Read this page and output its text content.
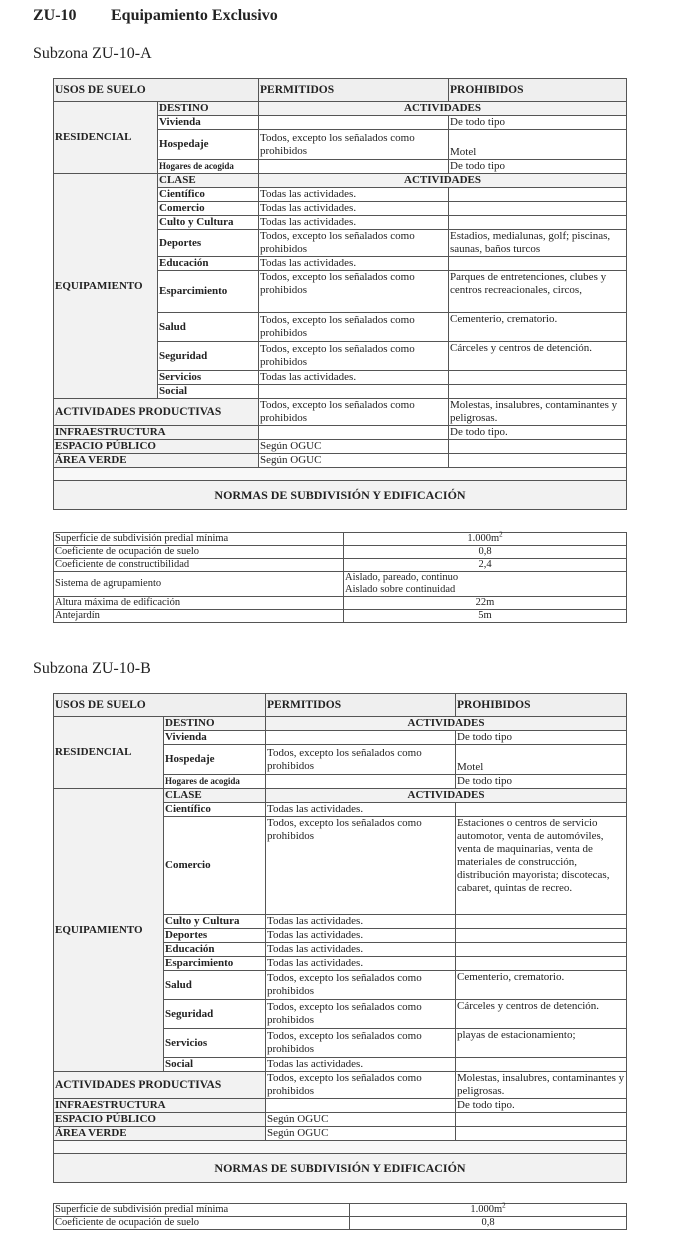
ZU-10 Equipamiento Exclusivo
Subzona ZU-10-A
USOS DE SUELO		PERMITIDOS	PROHIBIDOS
RESIDENCIAL	DESTINO	ACTIVIDADES	
	Vivienda		De todo tipo
	Hospedaje	Todos, excepto los señalados como prohibidos	Motel
	Hogares de acogida		De todo tipo
EQUIPAMIENTO	CLASE	ACTIVIDADES	
	Científico	Todas las actividades.	
	Comercio	Todas las actividades.	
	Culto y Cultura	Todas las actividades.	
	Deportes	Todos, excepto los señalados como prohibidos	Estadios, medialunas, golf; piscinas, saunas, baños turcos
	Educación	Todas las actividades.	
	Esparcimiento	Todos, excepto los señalados como prohibidos	Parques de entretenciones, clubes y centros recreacionales, circos,
	Salud	Todos, excepto los señalados como prohibidos	Cementerio, crematorio.
	Seguridad	Todos, excepto los señalados como prohibidos	Cárceles y centros de detención.
	Servicios	Todas las actividades.	
	Social		
ACTIVIDADES PRODUCTIVAS		Todos, excepto los señalados como prohibidos	Molestas, insalubres, contaminantes y peligrosas.
INFRAESTRUCTURA			De todo tipo.
ESPACIO PÚBLICO		Según OGUC	
ÁREA VERDE		Según OGUC	

NORMAS DE SUBDIVISIÓN Y EDIFICACIÓN			
Superficie de subdivisión predial mínima	$1.000m^2$
Coeficiente de ocupación de suelo	0,8
Coeficiente de constructibilidad	2,4
Sistema de agrupamiento	Aislado, pareado, continuo
Aislado sobre continuidad

Altura máxima de edificación	22m
Antejardín	5m
Subzona ZU-10-B
USOS DE SUELO		PERMITIDOS	PROHIBIDOS
RESIDENCIAL	DESTINO	ACTIVIDADES	
	Vivienda		De todo tipo
	Hospedaje	Todos, excepto los señalados como prohibidos	Motel
	Hogares de acogida		De todo tipo
EQUIPAMIENTO	CLASE	ACTIVIDADES	
	Científico	Todas las actividades.	
	Comercio	Todos, excepto los señalados como prohibidos	Estaciones o centros de servicio automotor, venta de automóviles, venta de maquinarias, venta de materiales de construcción, distribución mayorista; discotecas, cabaret, quintas de recreo.
	Culto y Cultura	Todas las actividades.	
	Deportes	Todas las actividades.	
	Educación	Todas las actividades.	
	Esparcimiento	Todas las actividades.	
	Salud	Todos, excepto los señalados como prohibidos	Cementerio, crematorio.
	Seguridad	Todos, excepto los señalados como prohibidos	Cárceles y centros de detención.
	Servicios	Todos, excepto los señalados como prohibidos	playas de estacionamiento;
	Social	Todas las actividades.	
ACTIVIDADES PRODUCTIVAS		Todos, excepto los señalados como prohibidos	Molestas, insalubres, contaminantes y peligrosas.
INFRAESTRUCTURA			De todo tipo.
ESPACIO PÚBLICO		Según OGUC	
ÁREA VERDE		Según OGUC	

NORMAS DE SUBDIVISIÓN Y EDIFICACIÓN			
Superficie de subdivisión predial mínima	$1.000m^2$
Coeficiente de ocupación de suelo	0,8
